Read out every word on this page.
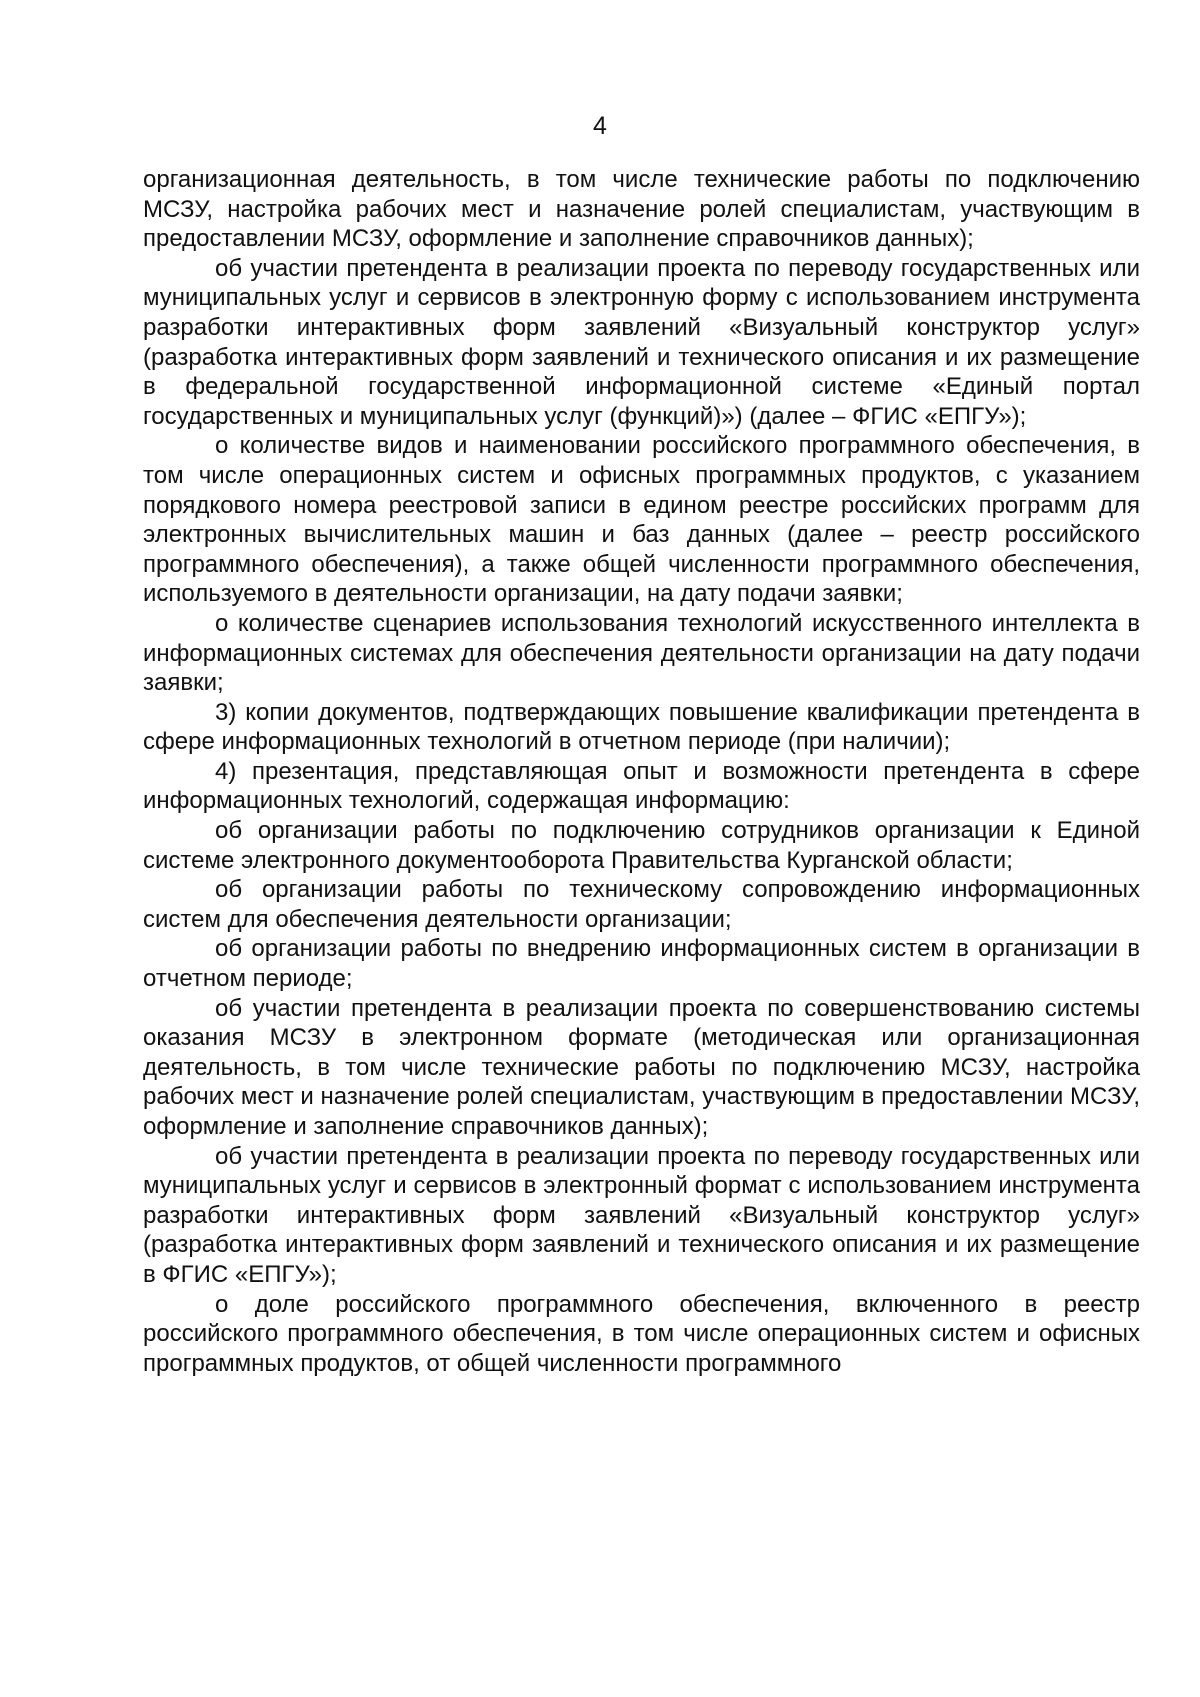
4

организационная деятельность, в том числе технические работы по подключению МСЗУ, настройка рабочих мест и назначение ролей специалистам, участвующим в предоставлении МСЗУ, оформление и заполнение справочников данных);

об участии претендента в реализации проекта по переводу государственных или муниципальных услуг и сервисов в электронную форму с использованием инструмента разработки интерактивных форм заявлений «Визуальный конструктор услуг» (разработка интерактивных форм заявлений и технического описания и их размещение в федеральной государственной информационной системе «Единый портал государственных и муниципальных услуг (функций)») (далее – ФГИС «ЕПГУ»);

о количестве видов и наименовании российского программного обеспечения, в том числе операционных систем и офисных программных продуктов, с указанием порядкового номера реестровой записи в едином реестре российских программ для электронных вычислительных машин и баз данных (далее – реестр российского программного обеспечения), а также общей численности программного обеспечения, используемого в деятельности организации, на дату подачи заявки;

о количестве сценариев использования технологий искусственного интеллекта в информационных системах для обеспечения деятельности организации на дату подачи заявки;

3) копии документов, подтверждающих повышение квалификации претендента в сфере информационных технологий в отчетном периоде (при наличии);

4) презентация, представляющая опыт и возможности претендента в сфере информационных технологий, содержащая информацию:

об организации работы по подключению сотрудников организации к Единой системе электронного документооборота Правительства Курганской области;

об организации работы по техническому сопровождению информационных систем для обеспечения деятельности организации;

об организации работы по внедрению информационных систем в организации в отчетном периоде;

об участии претендента в реализации проекта по совершенствованию системы оказания МСЗУ в электронном формате (методическая или организационная деятельность, в том числе технические работы по подключению МСЗУ, настройка рабочих мест и назначение ролей специалистам, участвующим в предоставлении МСЗУ, оформление и заполнение справочников данных);

об участии претендента в реализации проекта по переводу государственных или муниципальных услуг и сервисов в электронный формат с использованием инструмента разработки интерактивных форм заявлений «Визуальный конструктор услуг» (разработка интерактивных форм заявлений и технического описания и их размещение в ФГИС «ЕПГУ»);

о доле российского программного обеспечения, включенного в реестр российского программного обеспечения, в том числе операционных систем и офисных программных продуктов, от общей численности программного
